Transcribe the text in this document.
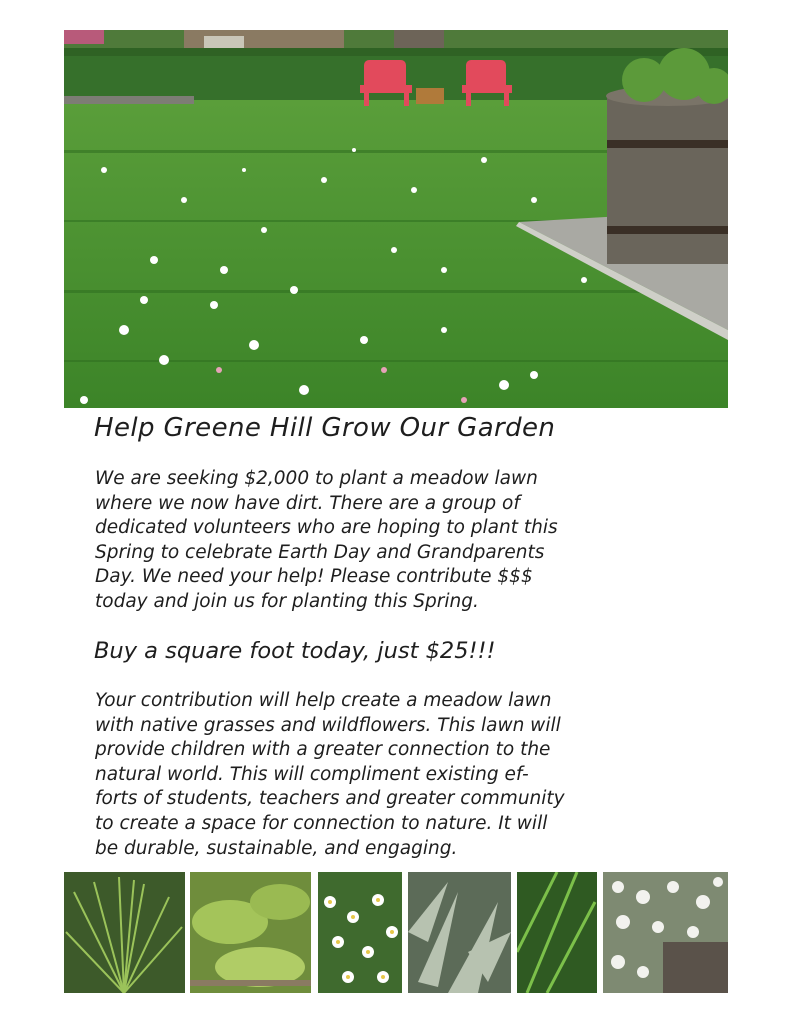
Help Greene Hill Grow Our Garden

We are seeking $2,000 to plant a meadow lawn
where we now have dirt. There are a group of
dedicated volunteers who are hoping to plant this
Spring to celebrate Earth Day and Grandparents
Day. We need your help! Please contribute $$$
today and join us for planting this Spring.

Buy a square foot today, just $25!!!

Your contribution will help create a meadow lawn
with native grasses and wildflowers. This lawn will
provide children with a greater connection to the
natural world. This will compliment existing ef-
forts of students, teachers and greater community
to create a space for connection to nature. It will
be durable, sustainable, and engaging.
